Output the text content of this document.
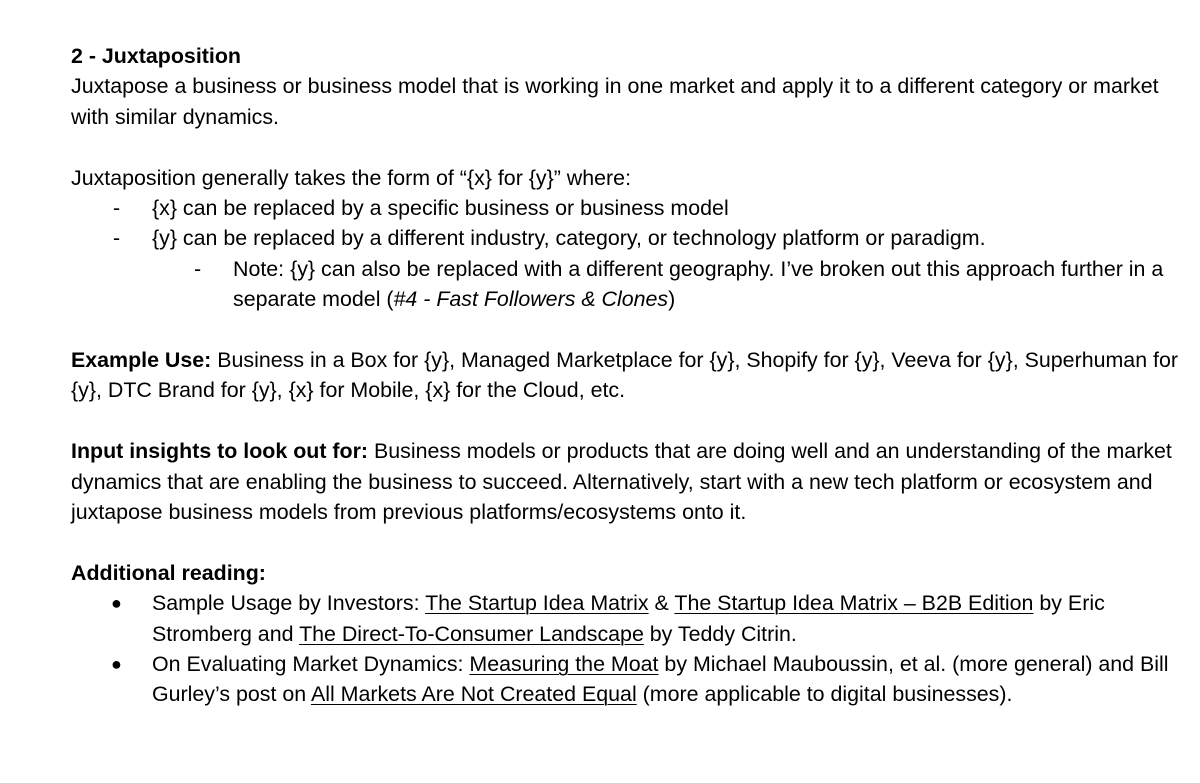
2 - Juxtaposition

Juxtapose a business or business model that is working in one market and apply it to a different category or market with similar dynamics.

Juxtaposition generally takes the form of “{x} for {y}” where:

- {x} can be replaced by a specific business or business model
- {y} can be replaced by a different industry, category, or technology platform or paradigm.
- Note: {y} can also be replaced with a different geography. I’ve broken out this approach further in a separate model (#4 - Fast Followers & Clones)

Example Use: Business in a Box for {y}, Managed Marketplace for {y}, Shopify for {y}, Veeva for {y}, Superhuman for {y}, DTC Brand for {y}, {x} for Mobile, {x} for the Cloud, etc.

Input insights to look out for: Business models or products that are doing well and an understanding of the market dynamics that are enabling the business to succeed. Alternatively, start with a new tech platform or ecosystem and juxtapose business models from previous platforms/ecosystems onto it.

Additional reading:

● Sample Usage by Investors: The Startup Idea Matrix & The Startup Idea Matrix – B2B Edition by Eric Stromberg and The Direct-To-Consumer Landscape by Teddy Citrin.
● On Evaluating Market Dynamics: Measuring the Moat by Michael Mauboussin, et al. (more general) and Bill Gurley’s post on All Markets Are Not Created Equal (more applicable to digital businesses).
